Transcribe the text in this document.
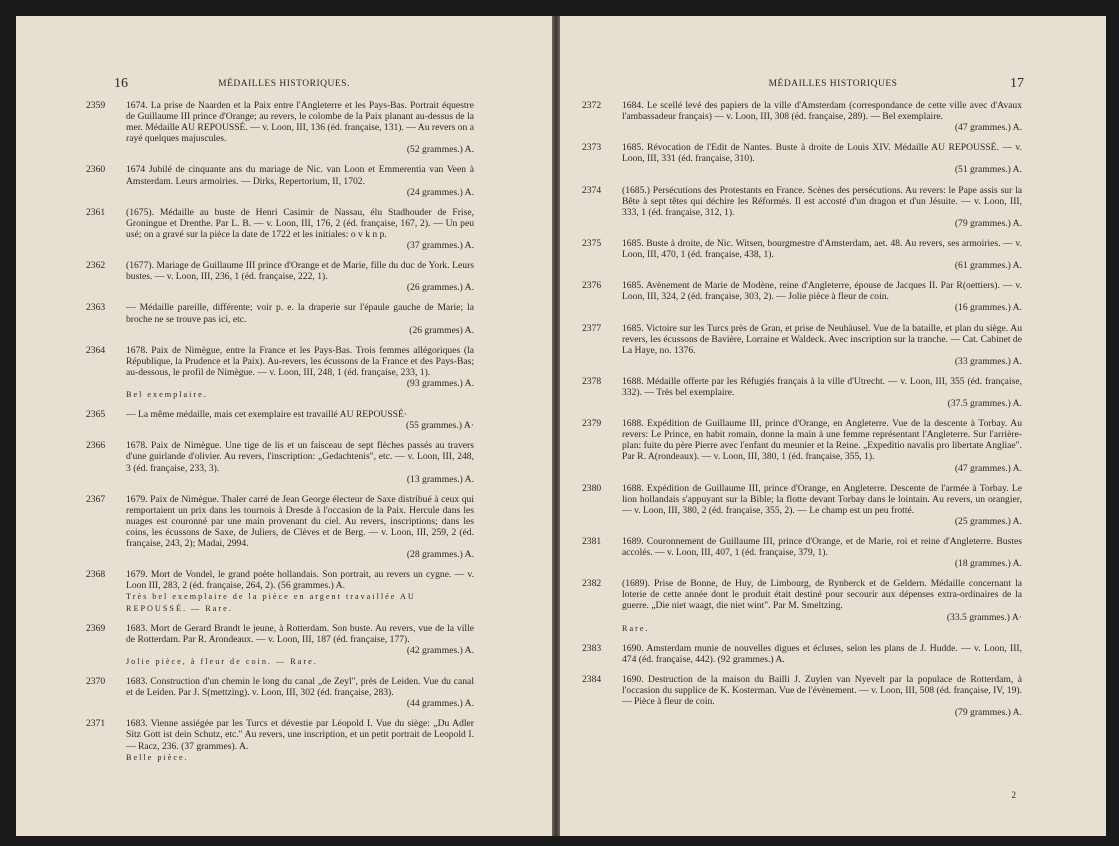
16	MÉDAILLES HISTORIQUES.
2359 1674. La prise de Naarden et la Paix entre l'Angleterre et les Pays-Bas. Portrait équestre de Guillaume III prince d'Orange; au revers, le colombe de la Paix planant au-dessus de la mer. Médaille AU REPOUSSÉ. — v. Loon, III, 136 (éd. française, 131). — Au revers on a rayé quelques majuscules.
(52 grammes.) A.
2360 1674 Jubilé de cinquante ans du mariage de Nic. van Loon et Emmerentia van Veen à Amsterdam. Leurs armoiries. — Dirks, Repertorium, II, 1702.
(24 grammes.) A.
2361 (1675). Médaille au buste de Henri Casimir de Nassau, élu Stadhouder de Frise, Groningue et Drenthe. Par L. B. — v. Loon, III, 176, 2 (éd. française, 167, 2). — Un peu usé; on a gravé sur la pièce la date de 1722 et les initiales: o v k n p.
(37 grammes.) A.
2362 (1677). Mariage de Guillaume III prince d'Orange et de Marie, fille du duc de York. Leurs bustes. — v. Loon, III, 236, 1 (éd. française, 222, 1).
(26 grammes.) A.
2363 — Médaille pareille, différente; voir p. e. la draperie sur l'épaule gauche de Marie; la broche ne se trouve pas ici, etc.
(26 grammes) A.
2364 1678. Paix de Nimègue, entre la France et les Pays-Bas. Trois femmes allégoriques (la République, la Prudence et la Paix). Au-revers, les écussons de la France et des Pays-Bas; au-dessous, le profil de Nimègue. — v. Loon, III, 248, 1 (éd. française, 233, 1).
(93 grammes.) A.
Bel exemplaire.
2365 — La même médaille, mais cet exemplaire est travaillé AU REPOUSSÉ·
(55 grammes.) A·
2366 1678. Paix de Nimègue. Une tige de lis et un faisceau de sept flèches passés au travers d'une guirlande d'olivier. Au revers, l'inscription: „Gedachtenis", etc. — v. Loon, III, 248, 3 (éd. française, 233, 3).
(13 grammes.) A.
2367 1679. Paix de Nimègue. Thaler carré de Jean George électeur de Saxe distribué à ceux qui remportaient un prix dans les tournois à Dresde à l'occasion de la Paix. Hercule dans les nuages est couronné par une main provenant du ciel. Au revers, inscriptions; dans les coins, les écussons de Saxe, de Juliers, de Clèves et de Berg. — v. Loon, III, 259, 2 (éd. française, 243, 2); Madai, 2994.
(28 grammes.) A.
2368 1679. Mort de Vondel, le grand poète hollandais. Son portrait, au revers un cygne. — v. Loon III, 283, 2 (éd. française, 264, 2). (56 grammes.) A.
Très bel exemplaire de la pièce en argent travaillée AU REPOUSSÉ. — Rare.
2369 1683. Mort de Gerard Brandt le jeune, à Rotterdam. Son buste. Au revers, vue de la ville de Rotterdam. Par R. Arondeaux. — v. Loon, III, 187 (éd. française, 177).
(42 grammes.) A.
Jolie pièce, à fleur de coin. — Rare.
2370 1683. Construction d'un chemin le long du canal „de Zeyl", près de Leiden. Vue du canal et de Leiden. Par J. S(mettzing). v. Loon, III, 302 (éd. française, 283).
(44 grammes.) A.
2371 1683. Vienne assiégée par les Turcs et dévestie par Léopold I. Vue du siège: „Du Adler Sitz Gott ist dein Schutz, etc." Au revers, une inscription, et un petit portrait de Leopold I. — Racz, 236. (37 grammes). A.
Belle pièce.
17
MÉDAILLES HISTORIQUES
2372 1684. Le scellé levé des papiers de la ville d'Amsterdam (correspondance de cette ville avec d'Avaux l'ambassadeur français) — v. Loon, III, 308 (éd. française, 289). — Bel exemplaire.
(47 grammes.) A.
2373 1685. Révocation de l'Edit de Nantes. Buste à droite de Louis XIV. Médaille AU REPOUSSÉ. — v. Loon, III, 331 (éd. française, 310).
(51 grammes.) A.
2374 (1685.) Persécutions des Protestants en France. Scènes des persécutions. Au revers: le Pape assis sur la Bête à sept têtes qui déchire les Réformés. Il est accosté d'un dragon et d'un Jésuite. — v. Loon, III, 333, 1 (éd. française, 312, 1).
(79 grammes.) A.
2375 1685. Buste à droite, de Nic. Witsen, bourgmestre d'Amsterdam, aet. 48. Au revers, ses armoiries. — v. Loon, III, 470, 1 (éd. française, 438, 1).
(61 grammes.) A.
2376 1685. Avènement de Marie de Modène, reine d'Angleterre, épouse de Jacques II. Par R(oettiers). — v. Loon, III, 324, 2 (éd. française, 303, 2). — Jolie pièce à fleur de coin.
(16 grammes.) A.
2377 1685. Victoire sur les Turcs près de Gran, et prise de Neuhäusel. Vue de la bataille, et plan du siège. Au revers, les écussons de Bavière, Lorraine et Waldeck. Avec inscription sur la tranche. — Cat. Cabinet de La Haye, no. 1376.
(33 grammes.) A.
2378 1688. Médaille offerte par les Réfugiés français à la ville d'Utrecht. — v. Loon, III, 355 (éd. française, 332). — Très bel exemplaire.
(37.5 grammes.) A.
2379 1688. Expédition de Guillaume III, prince d'Orange, en Angleterre. Vue de la descente à Torbay. Au revers: Le Prince, en habit romain, donne la main à une femme représentant l'Angleterre. Sur l'arrière-plan: fuite du père Pierre avec l'enfant du meunier et la Reine. „Expeditio navalis pro libertate Angliae". Par R. A(rondeaux). — v. Loon, III, 380, 1 (éd. française, 355, 1).
(47 grammes.) A.
2380 1688. Expédition de Guillaume III, prince d'Orange, en Angleterre. Descente de l'armée à Torbay. Le lion hollandais s'appuyant sur la Bible; la flotte devant Torbay dans le lointain. Au revers, un orangier, — v. Loon, III, 380, 2 (éd. française, 355, 2). — Le champ est un peu frotté.
(25 grammes.) A.
2381 1689. Couronnement de Guillaume III, prince d'Orange, et de Marie, roi et reine d'Angleterre. Bustes accolés. — v. Loon, III, 407, 1 (éd. française, 379, 1).
(18 grammes.) A.
2382 (1689). Prise de Bonne, de Huy, de Limbourg, de Rynberck et de Geldern. Médaille concernant la loterie de cette année dont le produit était destiné pour secourir aux dépenses extra-ordinaires de la guerre. „Die niet waagt, die niet wint". Par M. Smeltzing.
(33.5 grammes.) A·
Rare.
2383 1690. Amsterdam munie de nouvelles digues et écluses, selon les plans de J. Hudde. — v. Loon, III, 474 (éd. française, 442). (92 grammes.) A.
2384 1690. Destruction de la maison du Bailli J. Zuylen van Nyevelt par la populace de Rotterdam, à l'occasion du supplice de K. Kosterman. Vue de l'évènement. — v. Loon, III, 508 (éd. française, IV, 19). — Pièce à fleur de coin.
(79 grammes.) A.
2
